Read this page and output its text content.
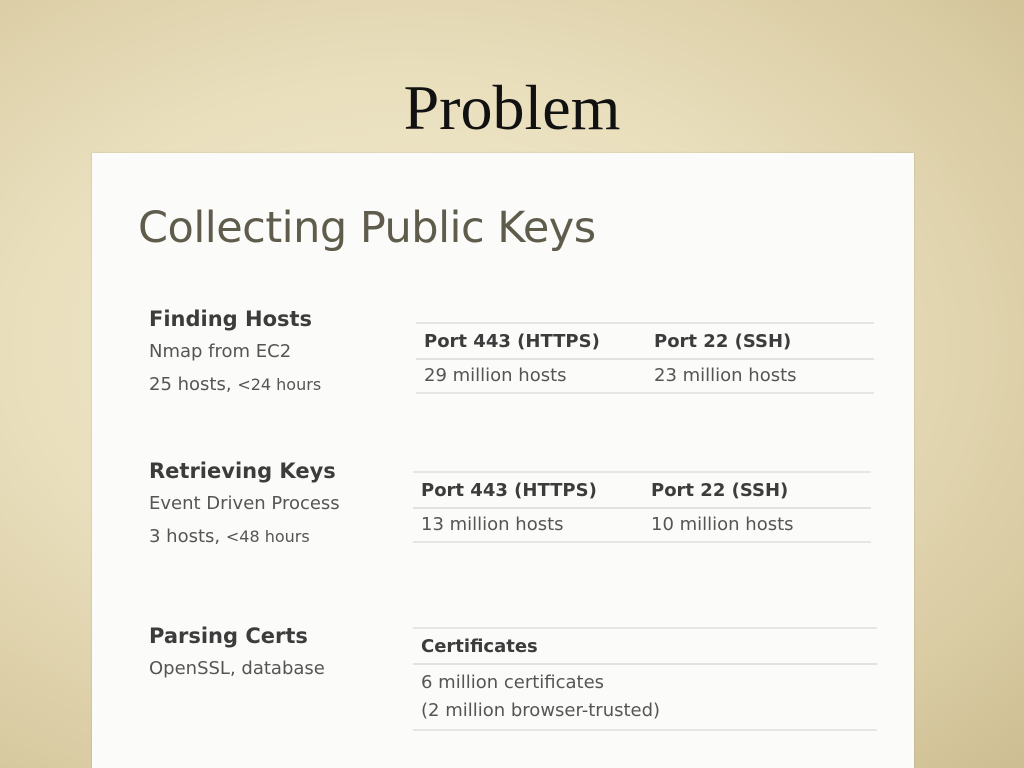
Problem
Collecting Public Keys
Finding Hosts
Nmap from EC2
25 hosts, <24 hours
Port 443 (HTTPS)	Port 22 (SSH)
29 million hosts	23 million hosts
Retrieving Keys
Event Driven Process
3 hosts, <48 hours
Port 443 (HTTPS)	Port 22 (SSH)
13 million hosts	10 million hosts
Parsing Certs
OpenSSL, database
Certificates
6 million certificates
(2 million browser-trusted)
